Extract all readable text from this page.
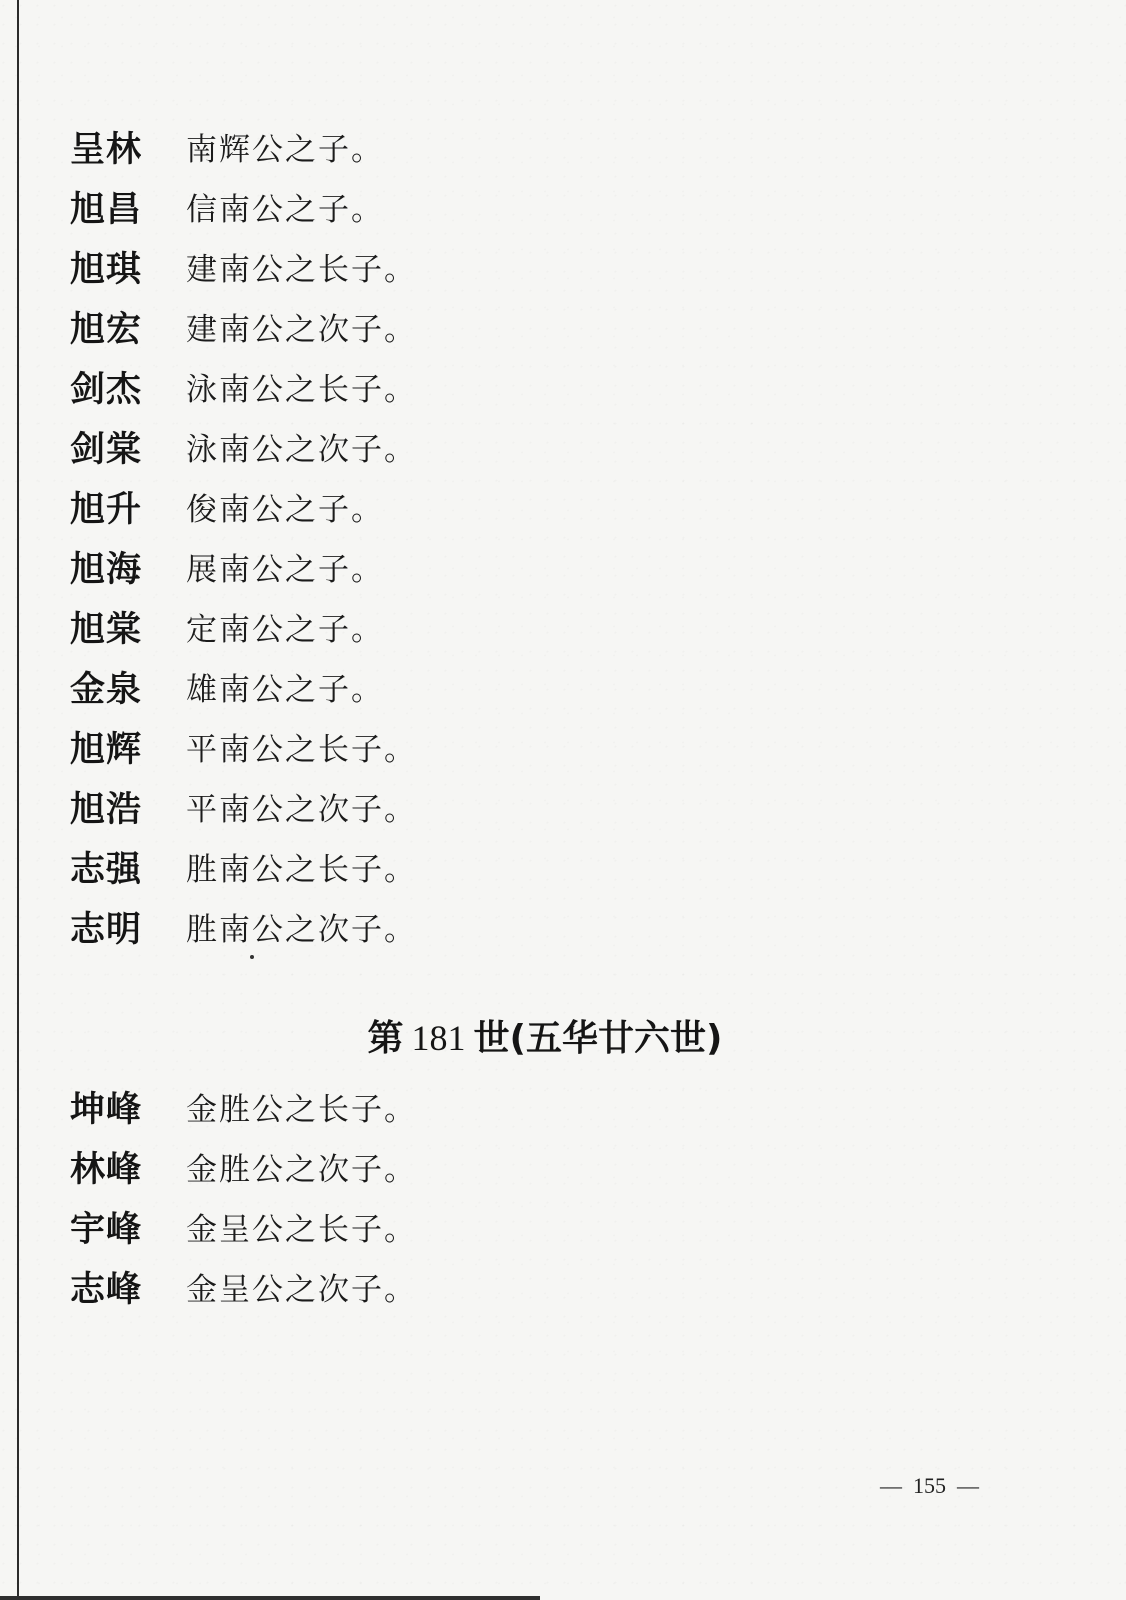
呈林	南辉公之子。
旭昌	信南公之子。
旭琪	建南公之长子。
旭宏	建南公之次子。
剑杰	泳南公之长子。
剑棠	泳南公之次子。
旭升	俊南公之子。
旭海	展南公之子。
旭棠	定南公之子。
金泉	雄南公之子。
旭辉	平南公之长子。
旭浩	平南公之次子。
志强	胜南公之长子。
志明	胜南公之次子。
第 181 世(五华廿六世)
坤峰	金胜公之长子。
林峰	金胜公之次子。
宇峰	金呈公之长子。
志峰	金呈公之次子。
—  155  —
